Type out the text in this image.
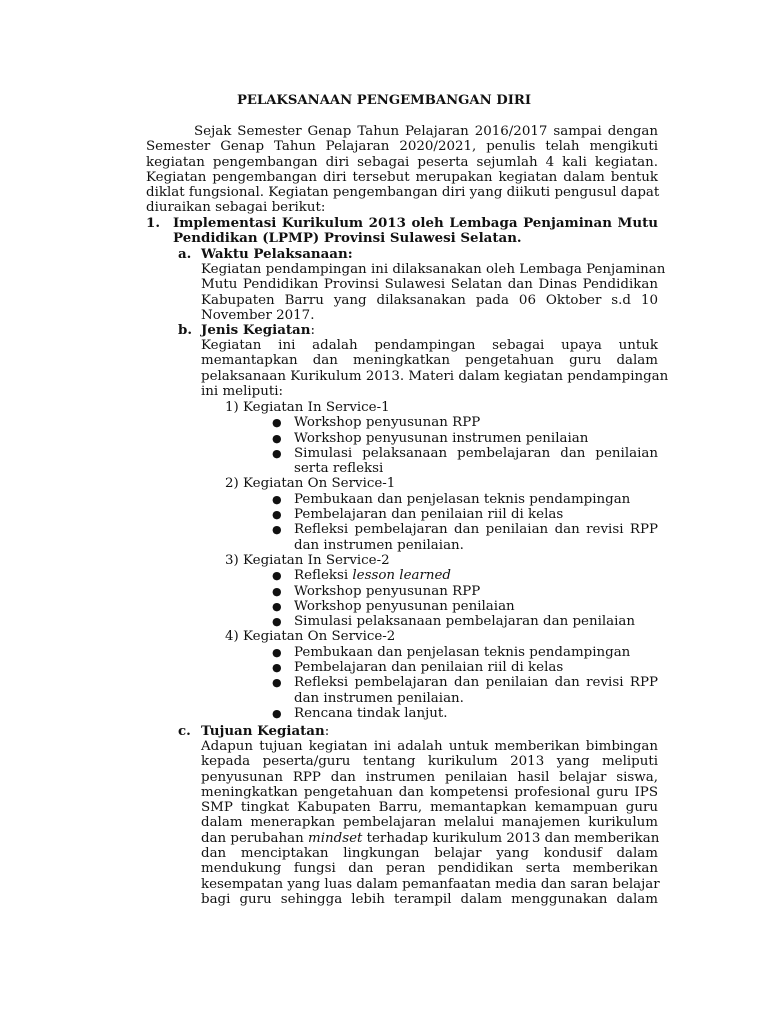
PELAKSANAAN PENGEMBANGAN DIRI
Sejak Semester Genap Tahun Pelajaran 2016/2017 sampai dengan
Semester Genap Tahun Pelajaran 2020/2021, penulis telah mengikuti
kegiatan pengembangan diri sebagai peserta sejumlah 4 kali kegiatan.
Kegiatan pengembangan diri tersebut merupakan kegiatan dalam bentuk
diklat fungsional. Kegiatan pengembangan diri yang diikuti pengusul dapat
diuraikan sebagai berikut:
1. Implementasi Kurikulum 2013 oleh Lembaga Penjaminan Mutu
Pendidikan (LPMP) Provinsi Sulawesi Selatan.
a. Waktu Pelaksanaan:
Kegiatan pendampingan ini dilaksanakan oleh Lembaga Penjaminan
Mutu Pendidikan Provinsi Sulawesi Selatan dan Dinas Pendidikan
Kabupaten Barru yang dilaksanakan pada 06 Oktober s.d 10
November 2017.
b. Jenis Kegiatan:
Kegiatan ini adalah pendampingan sebagai upaya untuk
memantapkan dan meningkatkan pengetahuan guru dalam
pelaksanaan Kurikulum 2013. Materi dalam kegiatan pendampingan
ini meliputi:
1) Kegiatan In Service-1
● Workshop penyusunan RPP
● Workshop penyusunan instrumen penilaian
● Simulasi pelaksanaan pembelajaran dan penilaian
serta refleksi
2) Kegiatan On Service-1
● Pembukaan dan penjelasan teknis pendampingan
● Pembelajaran dan penilaian riil di kelas
● Refleksi pembelajaran dan penilaian dan revisi RPP
dan instrumen penilaian.
3) Kegiatan In Service-2
● Refleksi lesson learned
● Workshop penyusunan RPP
● Workshop penyusunan penilaian
● Simulasi pelaksanaan pembelajaran dan penilaian
4) Kegiatan On Service-2
● Pembukaan dan penjelasan teknis pendampingan
● Pembelajaran dan penilaian riil di kelas
● Refleksi pembelajaran dan penilaian dan revisi RPP
dan instrumen penilaian.
● Rencana tindak lanjut.
c. Tujuan Kegiatan:
Adapun tujuan kegiatan ini adalah untuk memberikan bimbingan
kepada peserta/guru tentang kurikulum 2013 yang meliputi
penyusunan RPP dan instrumen penilaian hasil belajar siswa,
meningkatkan pengetahuan dan kompetensi profesional guru IPS
SMP tingkat Kabupaten Barru, memantapkan kemampuan guru
dalam menerapkan pembelajaran melalui manajemen kurikulum
dan perubahan mindset terhadap kurikulum 2013 dan memberikan
dan menciptakan lingkungan belajar yang kondusif dalam
mendukung fungsi dan peran pendidikan serta memberikan
kesempatan yang luas dalam pemanfaatan media dan saran belajar
bagi guru sehingga lebih terampil dalam menggunakan dalam
